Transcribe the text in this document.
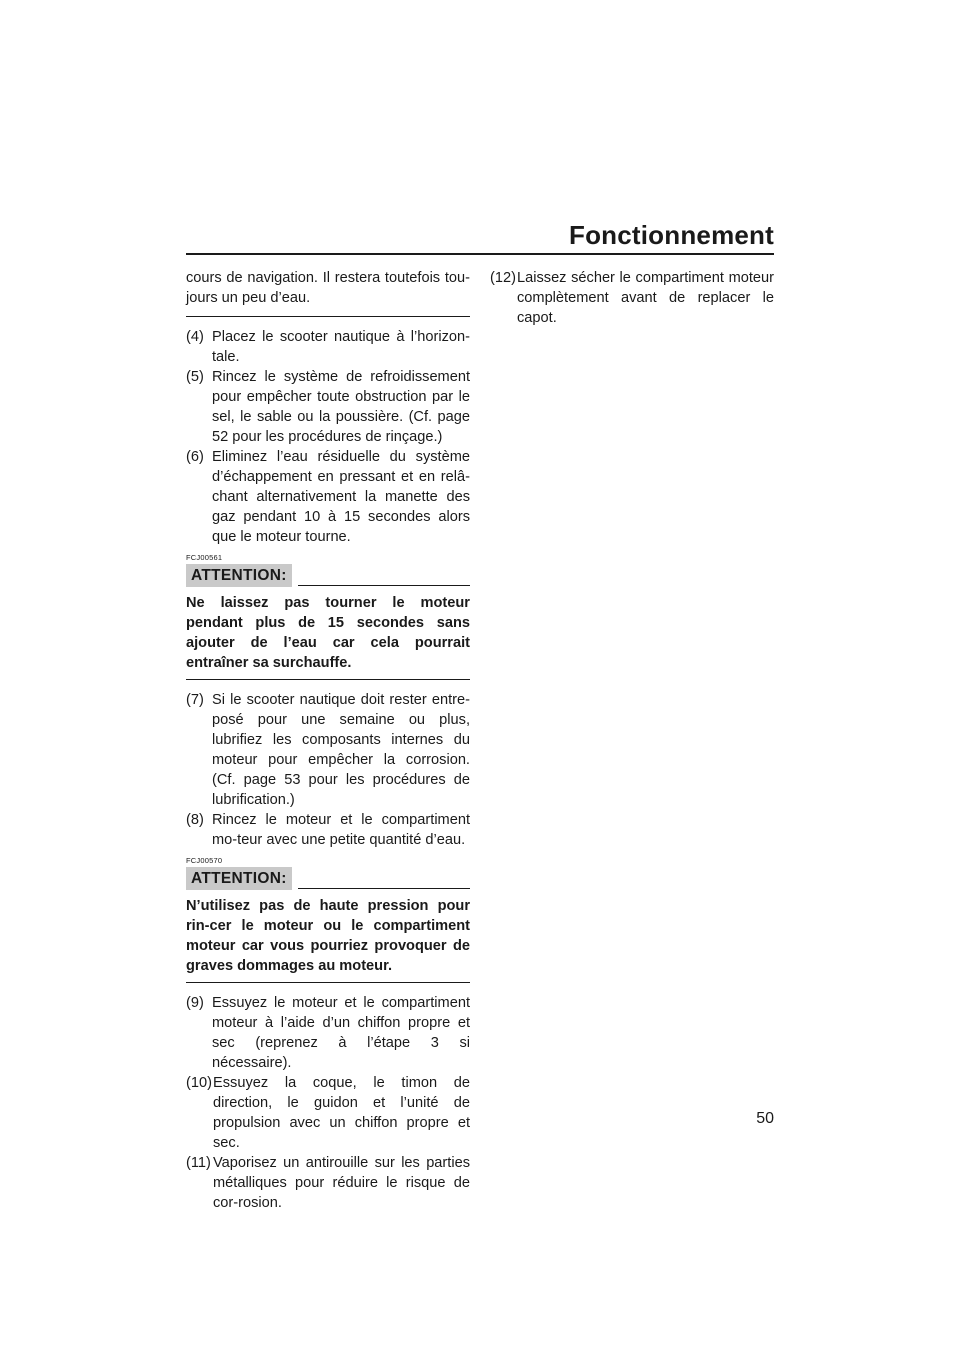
Fonctionnement

cours de navigation. Il restera toutefois tou-jours un peu d’eau.

(4) Placez le scooter nautique à l’horizon-tale.
(5) Rincez le système de refroidissement pour empêcher toute obstruction par le sel, le sable ou la poussière. (Cf. page 52 pour les procédures de rinçage.)
(6) Eliminez l’eau résiduelle du système d’échappement en pressant et en relâ-chant alternativement la manette des gaz pendant 10 à 15 secondes alors que le moteur tourne.
FCJ00561
ATTENTION:

Ne laissez pas tourner le moteur pendant plus de 15 secondes sans ajouter de l’eau car cela pourrait entraîner sa surchauffe.

(7) Si le scooter nautique doit rester entre-posé pour une semaine ou plus, lubrifiez les composants internes du moteur pour empêcher la corrosion. (Cf. page 53 pour les procédures de lubrification.)
(8) Rincez le moteur et le compartiment mo-teur avec une petite quantité d’eau.
FCJ00570
ATTENTION:

N’utilisez pas de haute pression pour rin-cer le moteur ou le compartiment moteur car vous pourriez provoquer de graves dommages au moteur.

(9) Essuyez le moteur et le compartiment moteur à l’aide d’un chiffon propre et sec (reprenez à l’étape 3 si nécessaire).
(10) Essuyez la coque, le timon de direction, le guidon et l’unité de propulsion avec un chiffon propre et sec.
(11) Vaporisez un antirouille sur les parties métalliques pour réduire le risque de cor-rosion.
(12) Laissez sécher le compartiment moteur complètement avant de replacer le capot.
50
